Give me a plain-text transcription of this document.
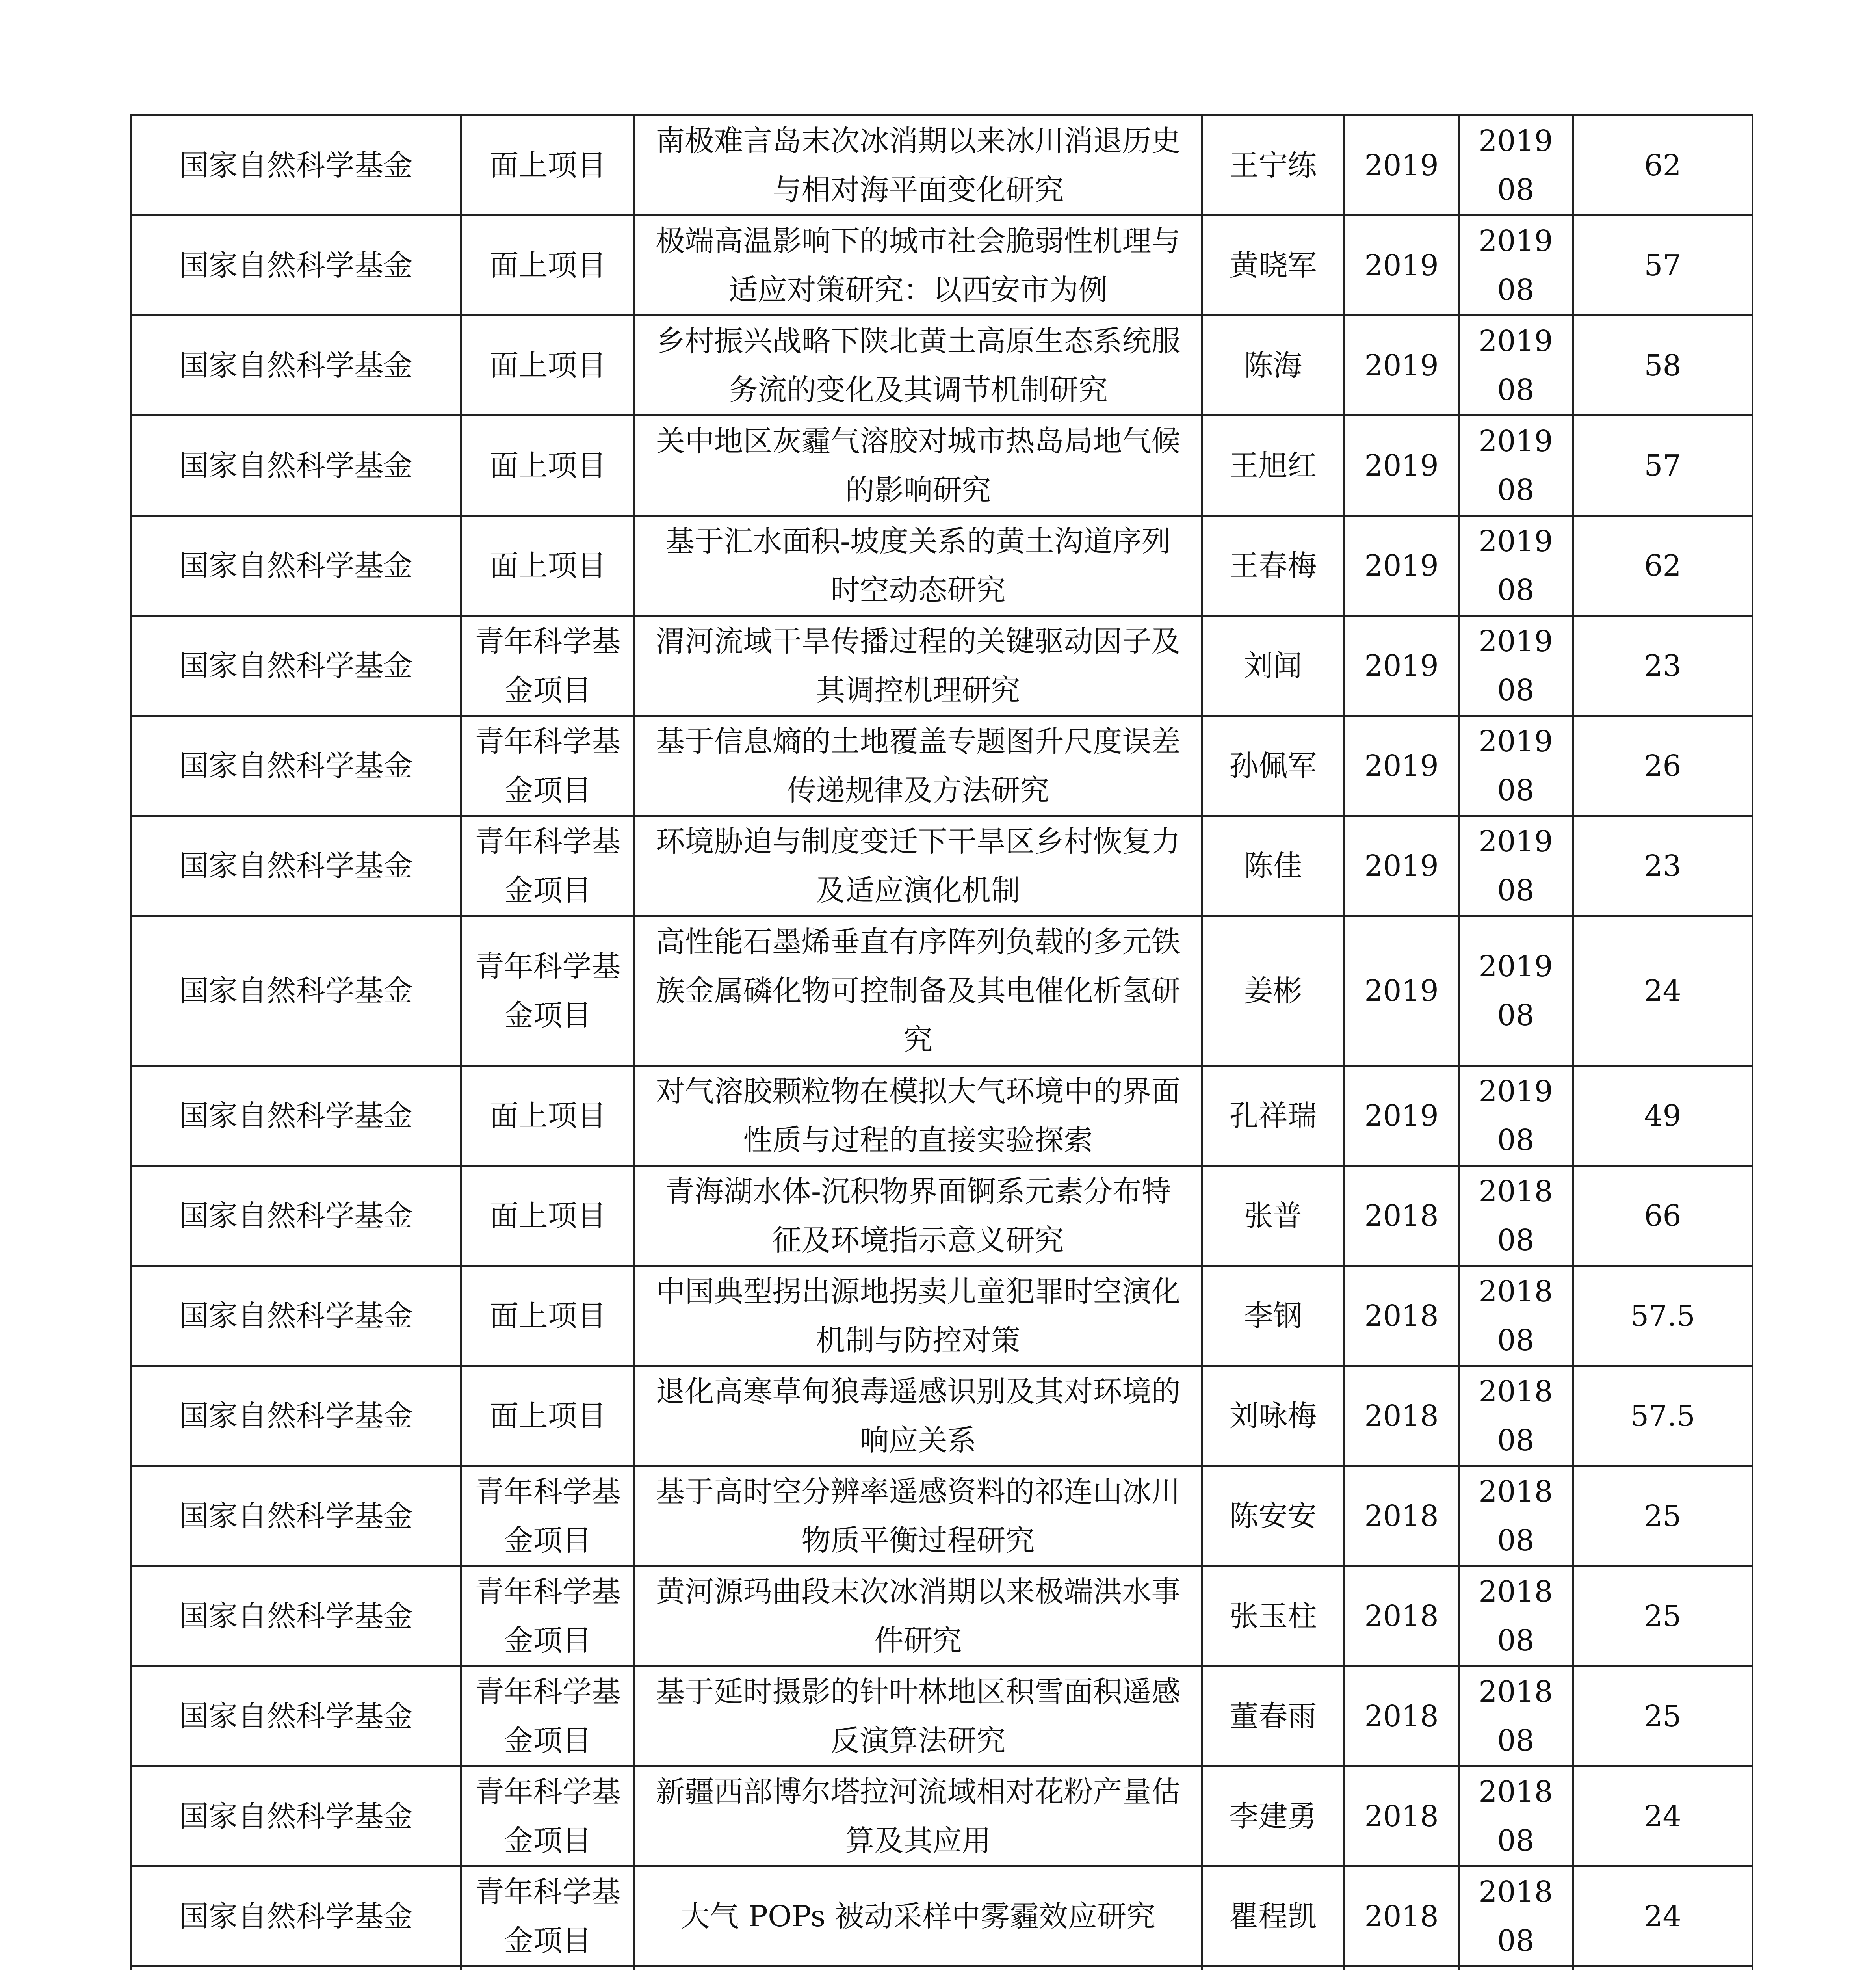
国家自然科学基金	面上项目	南极难言岛末次冰消期以来冰川消退历史与相对海平面变化研究	王宁练	2019	2019 08	62
国家自然科学基金	面上项目	极端高温影响下的城市社会脆弱性机理与适应对策研究：以西安市为例	黄晓军	2019	2019 08	57
国家自然科学基金	面上项目	乡村振兴战略下陕北黄土高原生态系统服务流的变化及其调节机制研究	陈海	2019	2019 08	58
国家自然科学基金	面上项目	关中地区灰霾气溶胶对城市热岛局地气候的影响研究	王旭红	2019	2019 08	57
国家自然科学基金	面上项目	基于汇水面积-坡度关系的黄土沟道序列时空动态研究	王春梅	2019	2019 08	62
国家自然科学基金	青年科学基金项目	渭河流域干旱传播过程的关键驱动因子及其调控机理研究	刘闻	2019	2019 08	23
国家自然科学基金	青年科学基金项目	基于信息熵的土地覆盖专题图升尺度误差传递规律及方法研究	孙佩军	2019	2019 08	26
国家自然科学基金	青年科学基金项目	环境胁迫与制度变迁下干旱区乡村恢复力及适应演化机制	陈佳	2019	2019 08	23
国家自然科学基金	青年科学基金项目	高性能石墨烯垂直有序阵列负载的多元铁族金属磷化物可控制备及其电催化析氢研究	姜彬	2019	2019 08	24
国家自然科学基金	面上项目	对气溶胶颗粒物在模拟大气环境中的界面性质与过程的直接实验探索	孔祥瑞	2019	2019 08	49
国家自然科学基金	面上项目	青海湖水体-沉积物界面锕系元素分布特征及环境指示意义研究	张普	2018	2018 08	66
国家自然科学基金	面上项目	中国典型拐出源地拐卖儿童犯罪时空演化机制与防控对策	李钢	2018	2018 08	57.5
国家自然科学基金	面上项目	退化高寒草甸狼毒遥感识别及其对环境的响应关系	刘咏梅	2018	2018 08	57.5
国家自然科学基金	青年科学基金项目	基于高时空分辨率遥感资料的祁连山冰川物质平衡过程研究	陈安安	2018	2018 08	25
国家自然科学基金	青年科学基金项目	黄河源玛曲段末次冰消期以来极端洪水事件研究	张玉柱	2018	2018 08	25
国家自然科学基金	青年科学基金项目	基于延时摄影的针叶林地区积雪面积遥感反演算法研究	董春雨	2018	2018 08	25
国家自然科学基金	青年科学基金项目	新疆西部博尔塔拉河流域相对花粉产量估算及其应用	李建勇	2018	2018 08	24
国家自然科学基金	青年科学基金项目	大气 POPs 被动采样中雾霾效应研究	瞿程凯	2018	2018 08	24
